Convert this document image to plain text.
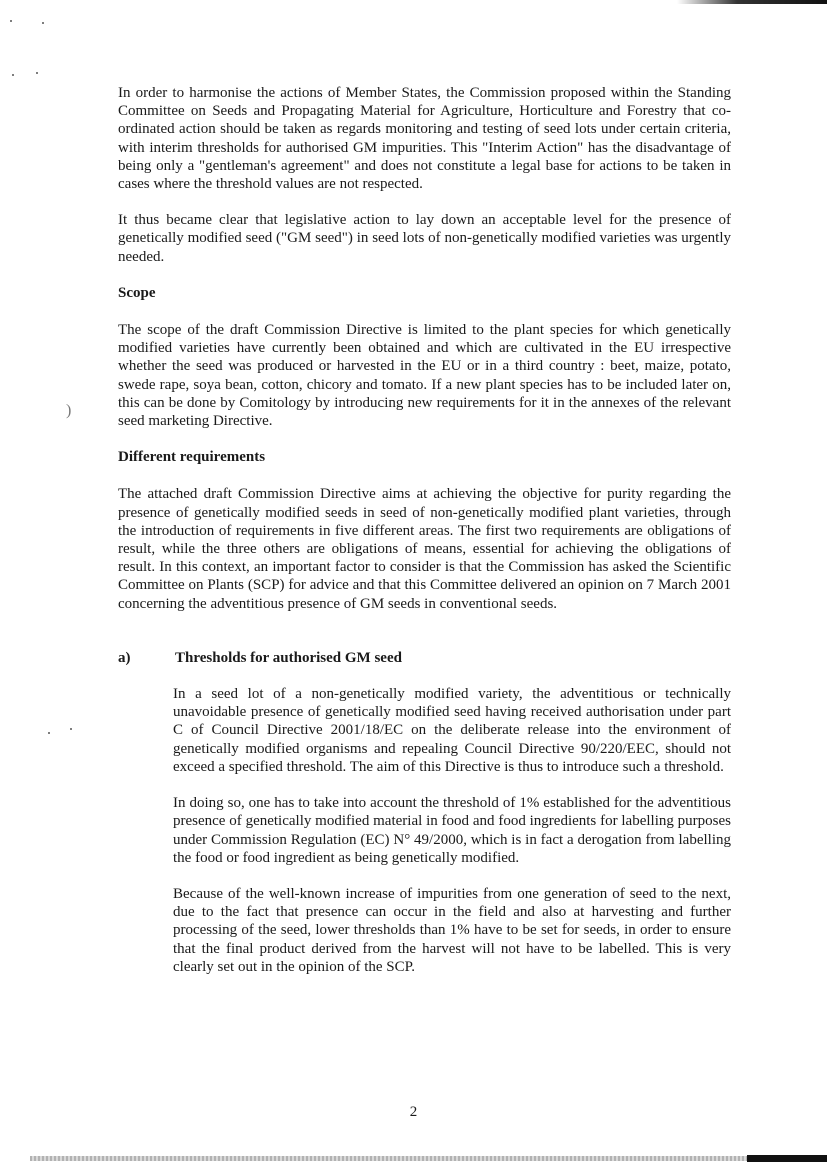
)

In order to harmonise the actions of Member States, the Commission proposed within the Standing Committee on Seeds and Propagating Material for Agriculture, Horticulture and Forestry that co-ordinated action should be taken as regards monitoring and testing of seed lots under certain criteria, with interim thresholds for authorised GM impurities. This "Interim Action" has the disadvantage of being only a "gentleman's agreement" and does not constitute a legal base for actions to be taken in cases where the threshold values are not respected.

It thus became clear that legislative action to lay down an acceptable level for the presence of genetically modified seed ("GM seed") in seed lots of non-genetically modified varieties was urgently needed.

Scope

The scope of the draft Commission Directive is limited to the plant species for which genetically modified varieties have currently been obtained and which are cultivated in the EU irrespective whether the seed was produced or harvested in the EU or in a third country : beet, maize, potato, swede rape, soya bean, cotton, chicory and tomato. If a new plant species has to be included later on, this can be done by Comitology by introducing new requirements for it in the annexes of the relevant seed marketing Directive.

Different requirements

The attached draft Commission Directive aims at achieving the objective for purity regarding the presence of genetically modified seeds in seed of non-genetically modified plant varieties, through the introduction of requirements in five different areas. The first two requirements are obligations of result, while the three others are obligations of means, essential for achieving the obligations of result. In this context, an important factor to consider is that the Commission has asked the Scientific Committee on Plants (SCP) for advice and that this Committee delivered an opinion on 7 March 2001 concerning the adventitious presence of GM seeds in conventional seeds.

a)	Thresholds for authorised GM seed

In a seed lot of a non-genetically modified variety, the adventitious or technically unavoidable presence of genetically modified seed having received authorisation under part C of Council Directive 2001/18/EC on the deliberate release into the environment of genetically modified organisms and repealing Council Directive 90/220/EEC, should not exceed a specified threshold. The aim of this Directive is thus to introduce such a threshold.

In doing so, one has to take into account the threshold of 1% established for the adventitious presence of genetically modified material in food and food ingredients for labelling purposes under Commission Regulation (EC) N° 49/2000, which is in fact a derogation from labelling the food or food ingredient as being genetically modified.

Because of the well-known increase of impurities from one generation of seed to the next, due to the fact that presence can occur in the field and also at harvesting and further processing of the seed, lower thresholds than 1% have to be set for seeds, in order to ensure that the final product derived from the harvest will not have to be labelled. This is very clearly set out in the opinion of the SCP.

2
